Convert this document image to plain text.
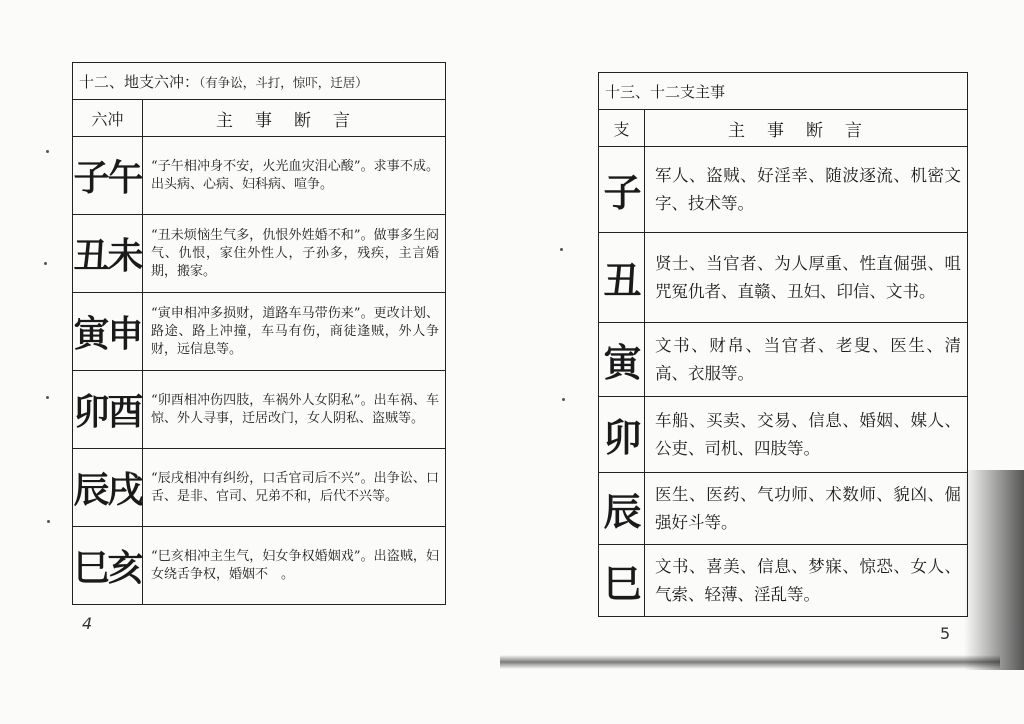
十二、地支六冲：（有争讼，斗打，惊吓，迁居）	
六冲	主事断言
子午	“子午相冲身不安，火光血灾泪心酸”。求事不成。出头病、心病、妇科病、喧争。
丑未	“丑未烦恼生气多，仇恨外姓婚不和”。做事多生闷气、仇恨，家住外性人，子孙多，残疾，主言婚期，搬家。
寅申	“寅申相冲多损财，道路车马带伤来”。更改计划、路途、路上冲撞，车马有伤，商徒逢贼，外人争财，远信息等。
卯酉	“卯酉相冲伤四肢，车祸外人女阴私”。出车祸、车惊、外人寻事，迁居改门，女人阴私、盗贼等。
辰戌	“辰戌相冲有纠纷，口舌官司后不兴”。出争讼、口舌、是非、官司、兄弟不和，后代不兴等。
巳亥	“巳亥相冲主生气，妇女争权婚姻戏”。出盗贼，妇女绕舌争权，婚姻不　。
十三、十二支主事	
支	主事断言
子	军人、盗贼、好淫幸、随波逐流、机密文字、技术等。
丑	贤士、当官者、为人厚重、性直倔强、咀咒冤仇者、直赣、丑妇、印信、文书。
寅	文书、财帛、当官者、老叟、医生、清高、衣服等。
卯	车船、买卖、交易、信息、婚姻、媒人、公吏、司机、四肢等。
辰	医生、医药、气功师、术数师、貌凶、倔强好斗等。
巳	文书、喜美、信息、梦寐、惊恐、女人、气索、轻薄、淫乱等。
4
5
